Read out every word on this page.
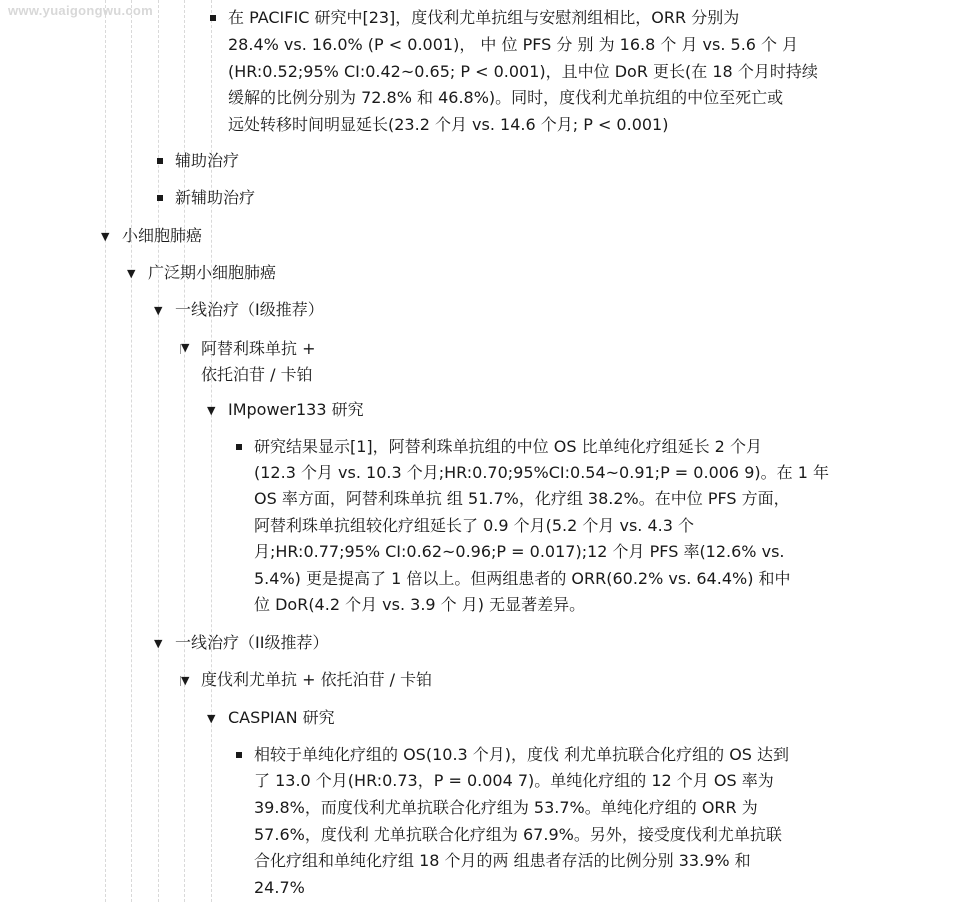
www.yuaigongwu.com	在 PACIFIC 研究中[23]，度伐利尤单抗组与安慰剂组相比，ORR 分别为
28.4% vs. 16.0% (P < 0.001)， 中 位 PFS 分 别 为 16.8 个 月 vs. 5.6 个 月
(HR:0.52;95% CI:0.42~0.65; P < 0.001)，且中位 DoR 更长(在 18 个月时持续
缓解的比例分别为 72.8% 和 46.8%)。同时，度伐利尤单抗组的中位至死亡或
远处转移时间明显延长(23.2 个月 vs. 14.6 个月; P < 0.001)
辅助治疗
新辅助治疗
▼ 小细胞肺癌
▼ 广泛期小细胞肺癌
▼ 一线治疗（I级推荐）
▼ 阿替利珠单抗 +
依托泊苷 / 卡铂
▼ IMpower133 研究
研究结果显示[1]，阿替利珠单抗组的中位 OS 比单纯化疗组延长 2 个月
(12.3 个月 vs. 10.3 个月;HR:0.70;95%CI:0.54~0.91;P = 0.006 9)。在 1 年
OS 率方面，阿替利珠单抗 组 51.7%，化疗组 38.2%。在中位 PFS 方面，
阿替利珠单抗组较化疗组延长了 0.9 个月(5.2 个月 vs. 4.3 个
月;HR:0.77;95% CI:0.62~0.96;P = 0.017);12 个月 PFS 率(12.6% vs.
5.4%) 更是提高了 1 倍以上。但两组患者的 ORR(60.2% vs. 64.4%) 和中
位 DoR(4.2 个月 vs. 3.9 个 月) 无显著差异。
▼ 一线治疗（II级推荐）
▼ 度伐利尤单抗 + 依托泊苷 / 卡铂
▼ CASPIAN 研究
相较于单纯化疗组的 OS(10.3 个月)，度伐 利尤单抗联合化疗组的 OS 达到
了 13.0 个月(HR:0.73，P = 0.004 7)。单纯化疗组的 12 个月 OS 率为
39.8%，而度伐利尤单抗联合化疗组为 53.7%。单纯化疗组的 ORR 为
57.6%，度伐利 尤单抗联合化疗组为 67.9%。另外，接受度伐利尤单抗联
合化疗组和单纯化疗组 18 个月的两 组患者存活的比例分别 33.9% 和
24.7%
